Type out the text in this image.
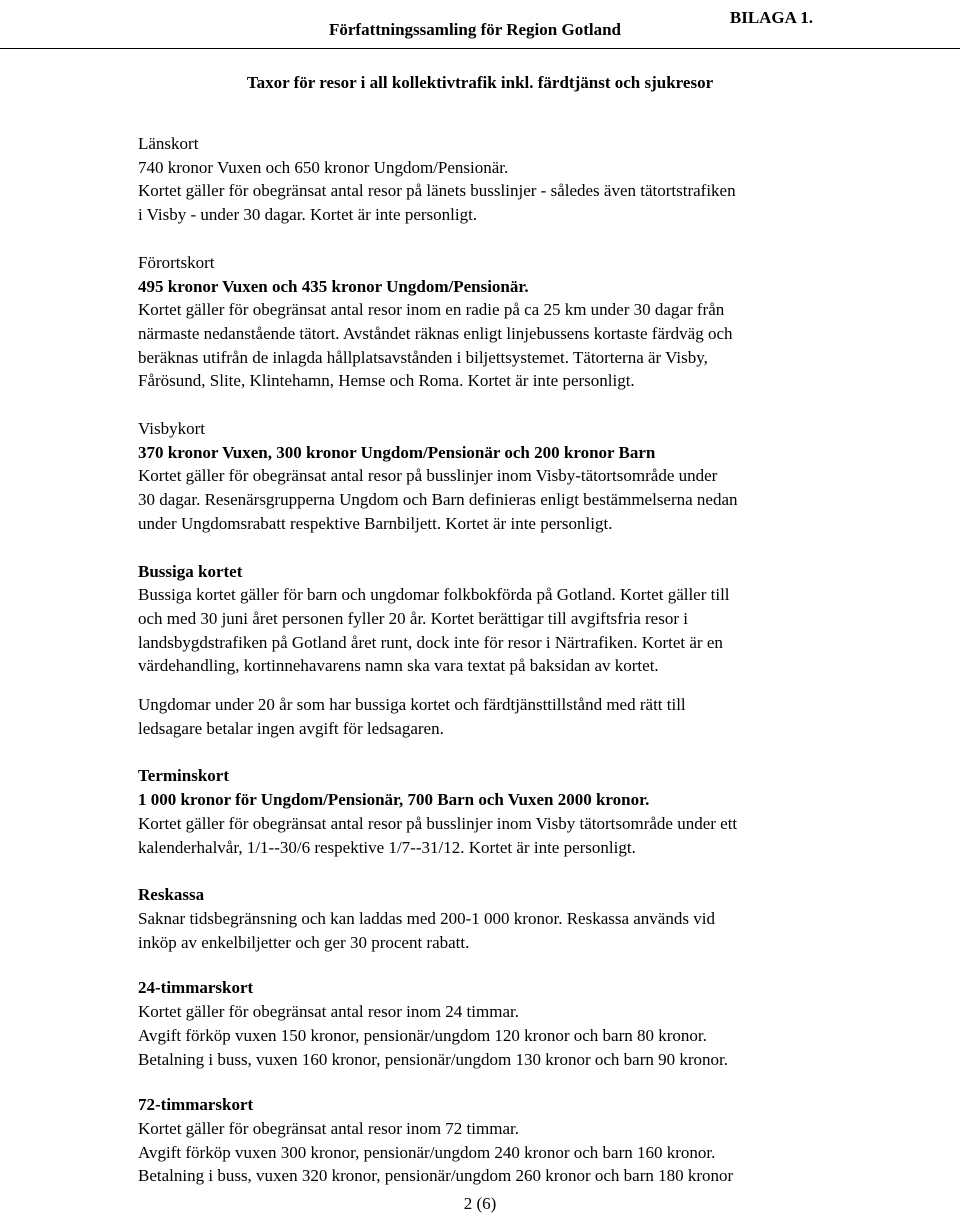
Författningssamling för Region Gotland
BILAGA 1.
Taxor för resor i all kollektivtrafik inkl. färdtjänst och sjukresor

Länskort

740 kronor Vuxen och 650 kronor Ungdom/Pensionär.

Kortet gäller för obegränsat antal resor på länets busslinjer - således även tätortstrafiken

i Visby - under 30 dagar. Kortet är inte personligt.

Förortskort

495 kronor Vuxen och 435 kronor Ungdom/Pensionär.

Kortet gäller för obegränsat antal resor inom en radie på ca 25 km under 30 dagar från

närmaste nedanstående tätort. Avståndet räknas enligt linjebussens kortaste färdväg och

beräknas utifrån de inlagda hållplatsavstånden i biljettsystemet. Tätorterna är Visby,

Fårösund, Slite, Klintehamn, Hemse och Roma. Kortet är inte personligt.

Visbykort

370 kronor Vuxen, 300 kronor Ungdom/Pensionär och 200 kronor Barn

Kortet gäller för obegränsat antal resor på busslinjer inom Visby-tätortsområde under

30 dagar. Resenärsgrupperna Ungdom och Barn definieras enligt bestämmelserna nedan

under Ungdomsrabatt respektive Barnbiljett. Kortet är inte personligt.

Bussiga kortet

Bussiga kortet gäller för barn och ungdomar folkbokförda på Gotland. Kortet gäller till

och med 30 juni året personen fyller 20 år. Kortet berättigar till avgiftsfria resor i

landsbygdstrafiken på Gotland året runt, dock inte för resor i Närtrafiken. Kortet är en

värdehandling, kortinnehavarens namn ska vara textat på baksidan av kortet.

Ungdomar under 20 år som har bussiga kortet och färdtjänsttillstånd med rätt till

ledsagare betalar ingen avgift för ledsagaren.

Terminskort

1 000 kronor för Ungdom/Pensionär, 700 Barn och Vuxen 2000 kronor.

Kortet gäller för obegränsat antal resor på busslinjer inom Visby tätortsområde under ett

kalenderhalvår, 1/1--30/6 respektive 1/7--31/12. Kortet är inte personligt.

Reskassa

Saknar tidsbegränsning och kan laddas med 200-1 000 kronor. Reskassa används vid

inköp av enkelbiljetter och ger 30 procent rabatt.

24-timmarskort

Kortet gäller för obegränsat antal resor inom 24 timmar.

Avgift förköp vuxen 150 kronor, pensionär/ungdom 120 kronor och barn 80 kronor.

Betalning i buss, vuxen 160 kronor, pensionär/ungdom 130 kronor och barn 90 kronor.

72-timmarskort

Kortet gäller för obegränsat antal resor inom 72 timmar.

Avgift förköp vuxen 300 kronor, pensionär/ungdom 240 kronor och barn 160 kronor.

Betalning i buss, vuxen 320 kronor, pensionär/ungdom 260 kronor och barn 180 kronor

2 (6)
